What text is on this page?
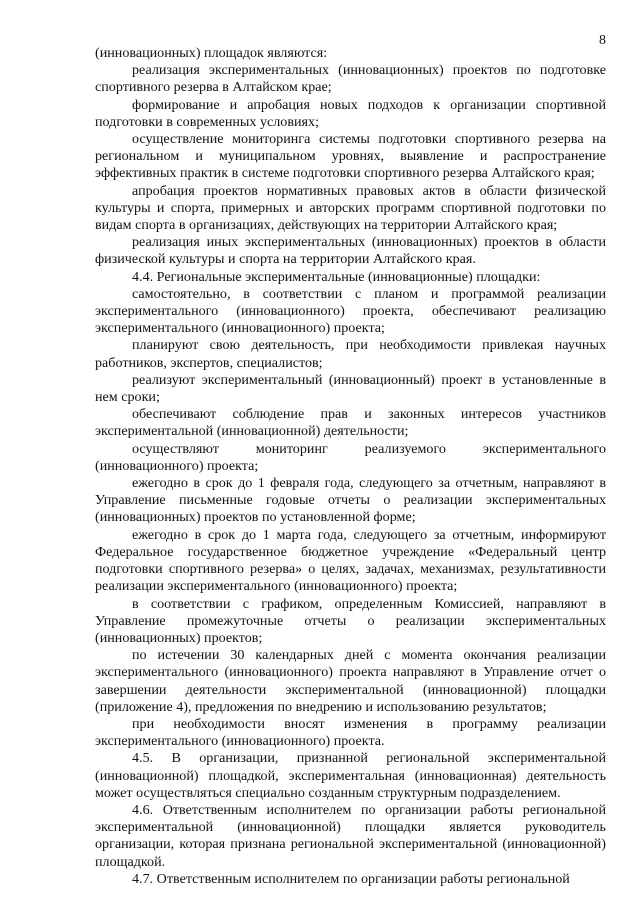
8

(инновационных) площадок являются:

реализация экспериментальных (инновационных) проектов по подготовке спортивного резерва в Алтайском крае;

формирование и апробация новых подходов к организации спортивной подготовки в современных условиях;

осуществление мониторинга системы подготовки спортивного резерва на региональном и муниципальном уровнях, выявление и распространение эффективных практик в системе подготовки спортивного резерва Алтайского края;

апробация проектов нормативных правовых актов в области физической культуры и спорта, примерных и авторских программ спортивной подготовки по видам спорта в организациях, действующих на территории Алтайского края;

реализация иных экспериментальных (инновационных) проектов в области физической культуры и спорта на территории Алтайского края.

4.4. Региональные экспериментальные (инновационные) площадки:

самостоятельно, в соответствии с планом и программой реализации экспериментального (инновационного) проекта, обеспечивают реализацию экспериментального (инновационного) проекта;

планируют свою деятельность, при необходимости привлекая научных работников, экспертов, специалистов;

реализуют экспериментальный (инновационный) проект в установленные в нем сроки;

обеспечивают соблюдение прав и законных интересов участников экспериментальной (инновационной) деятельности;

осуществляют мониторинг реализуемого экспериментального (инновационного) проекта;

ежегодно в срок до 1 февраля года, следующего за отчетным, направляют в Управление письменные годовые отчеты о реализации экспериментальных (инновационных) проектов по установленной форме;

ежегодно в срок до 1 марта года, следующего за отчетным, информируют Федеральное государственное бюджетное учреждение «Федеральный центр подготовки спортивного резерва» о целях, задачах, механизмах, результативности реализации экспериментального (инновационного) проекта;

в соответствии с графиком, определенным Комиссией, направляют в Управление промежуточные отчеты о реализации экспериментальных (инновационных) проектов;

по истечении 30 календарных дней с момента окончания реализации экспериментального (инновационного) проекта направляют в Управление отчет о завершении деятельности экспериментальной (инновационной) площадки (приложение 4), предложения по внедрению и использованию результатов;

при необходимости вносят изменения в программу реализации экспериментального (инновационного) проекта.

4.5. В организации, признанной региональной экспериментальной (инновационной) площадкой, экспериментальная (инновационная) деятельность может осуществляться специально созданным структурным подразделением.

4.6. Ответственным исполнителем по организации работы региональной экспериментальной (инновационной) площадки является руководитель организации, которая признана региональной экспериментальной (инновационной) площадкой.

4.7. Ответственным исполнителем по организации работы региональной
